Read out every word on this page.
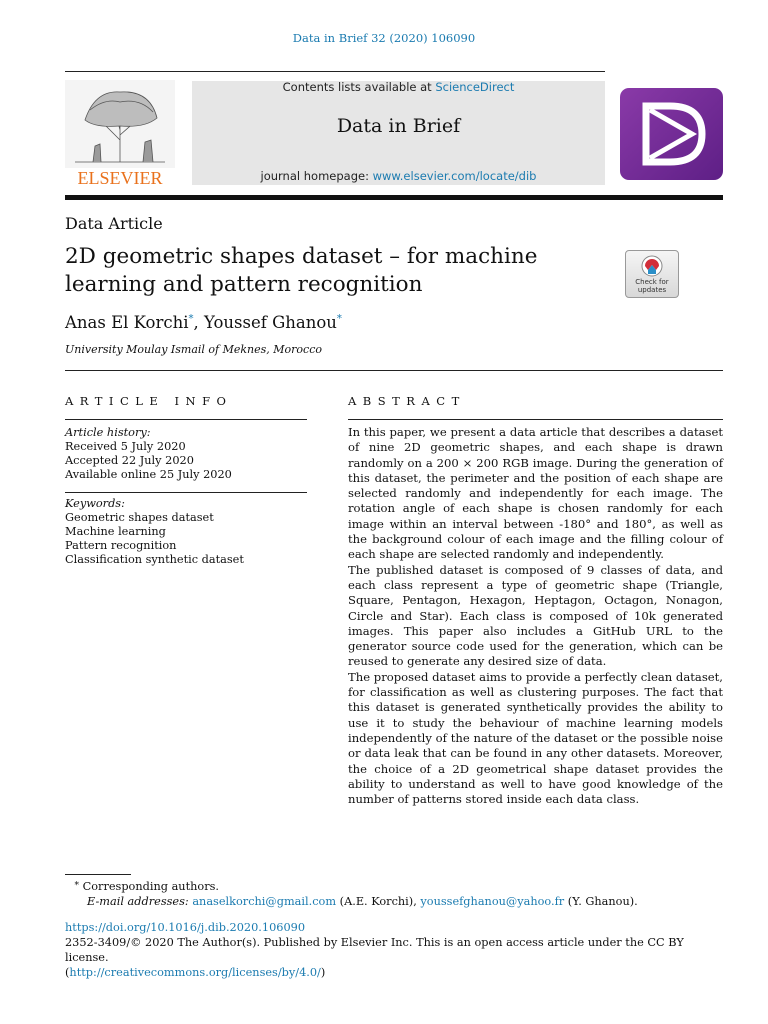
Data in Brief 32 (2020) 106090
ELSEVIER
Contents lists available at ScienceDirect
Data in Brief
journal homepage: www.elsevier.com/locate/dib
Data Article
2D geometric shapes dataset – for machine learning and pattern recognition	Check for
updates
Anas El Korchi*, Youssef Ghanou*
University Moulay Ismail of Meknes, Morocco
ARTICLE INFO	ABSTRACT
Article history:
Received 5 July 2020
Accepted 22 July 2020
Available online 25 July 2020
Keywords:
Geometric shapes dataset
Machine learning
Pattern recognition
Classification synthetic dataset

In this paper, we present a data article that describes a dataset of nine 2D geometric shapes, and each shape is drawn randomly on a 200 × 200 RGB image. During the generation of this dataset, the perimeter and the position of each shape are selected randomly and independently for each image. The rotation angle of each shape is chosen randomly for each image within an interval between -180° and 180°, as well as the background colour of each image and the filling colour of each shape are selected randomly and independently.

The published dataset is composed of 9 classes of data, and each class represent a type of geometric shape (Triangle, Square, Pentagon, Hexagon, Heptagon, Octagon, Nonagon, Circle and Star). Each class is composed of 10k generated images. This paper also includes a GitHub URL to the generator source code used for the generation, which can be reused to generate any desired size of data.

The proposed dataset aims to provide a perfectly clean dataset, for classification as well as clustering purposes. The fact that this dataset is generated synthetically provides the ability to use it to study the behaviour of machine learning models independently of the nature of the dataset or the possible noise or data leak that can be found in any other datasets. Moreover, the choice of a 2D geometrical shape dataset provides the ability to understand as well to have good knowledge of the number of patterns stored inside each data class.

* Corresponding authors.
E-mail addresses: anaselkorchi@gmail.com (A.E. Korchi), youssefghanou@yahoo.fr (Y. Ghanou).
https://doi.org/10.1016/j.dib.2020.106090
2352-3409/© 2020 The Author(s). Published by Elsevier Inc. This is an open access article under the CC BY license.
(http://creativecommons.org/licenses/by/4.0/)
